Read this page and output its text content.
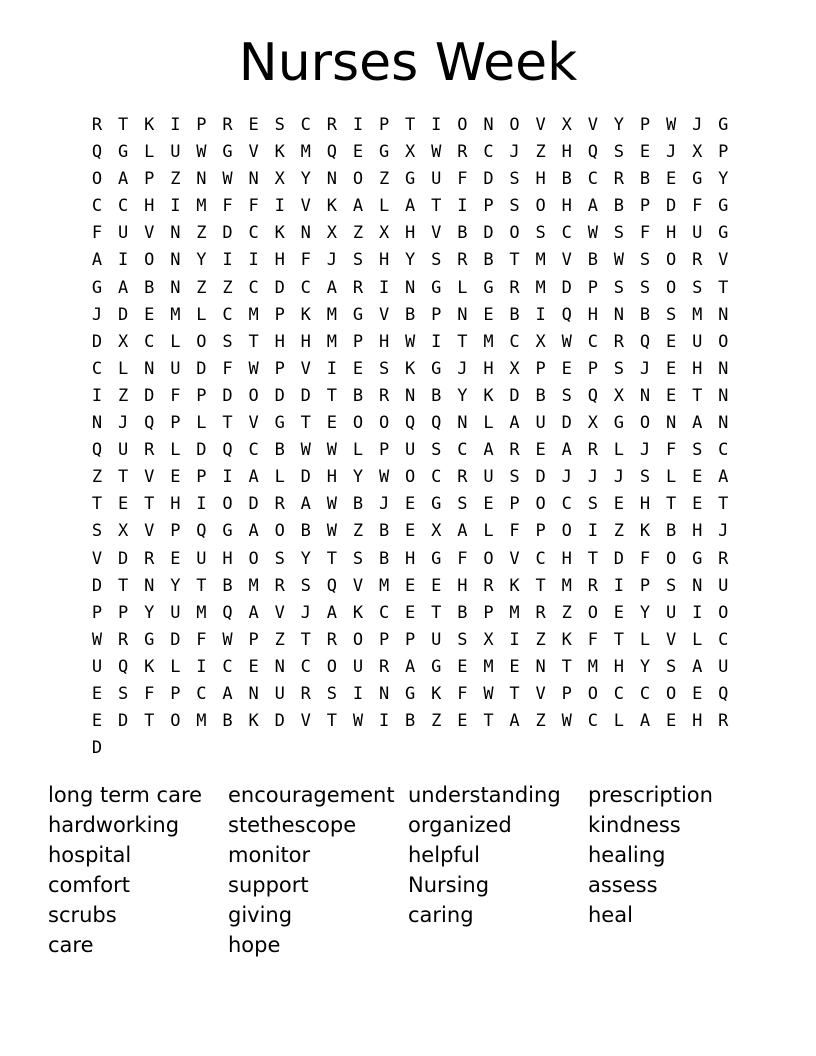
Nurses Week
R T K I P R E S C R I P T I O N O V X V Y P W J G
Q G L U W G V K M Q E G X W R C J Z H Q S E J X P
O A P Z N W N X Y N O Z G U F D S H B C R B E G Y
C C H I M F F I V K A L A T I P S O H A B P D F G
F U V N Z D C K N X Z X H V B D O S C W S F H U G
A I O N Y I I H F J S H Y S R B T M V B W S O R V
G A B N Z Z C D C A R I N G L G R M D P S S O S T
J D E M L C M P K M G V B P N E B I Q H N B S M N
D X C L O S T H H M P H W I T M C X W C R Q E U O
C L N U D F W P V I E S K G J H X P E P S J E H N
I Z D F P D O D D T B R N B Y K D B S Q X N E T N
N J Q P L T V G T E O O Q Q N L A U D X G O N A N
Q U R L D Q C B W W L P U S C A R E A R L J F S C
Z T V E P I A L D H Y W O C R U S D J J J S L E A
T E T H I O D R A W B J E G S E P O C S E H T E T
S X V P Q G A O B W Z B E X A L F P O I Z K B H J
V D R E U H O S Y T S B H G F O V C H T D F O G R
D T N Y T B M R S Q V M E E H R K T M R I P S N U
P P Y U M Q A V J A K C E T B P M R Z O E Y U I O
W R G D F W P Z T R O P P U S X I Z K F T L V L C
U Q K L I C E N C O U R A G E M E N T M H Y S A U
E S F P C A N U R S I N G K F W T V P O C C O E Q
E D T O M B K D V T W I B Z E T A Z W C L A E H R
D
long term care
hardworking
hospital
comfort
scrubs
care
encouragement
stethescope
monitor
support
giving
hope
understanding
organized
helpful
Nursing
caring
prescription
kindness
healing
assess
heal
